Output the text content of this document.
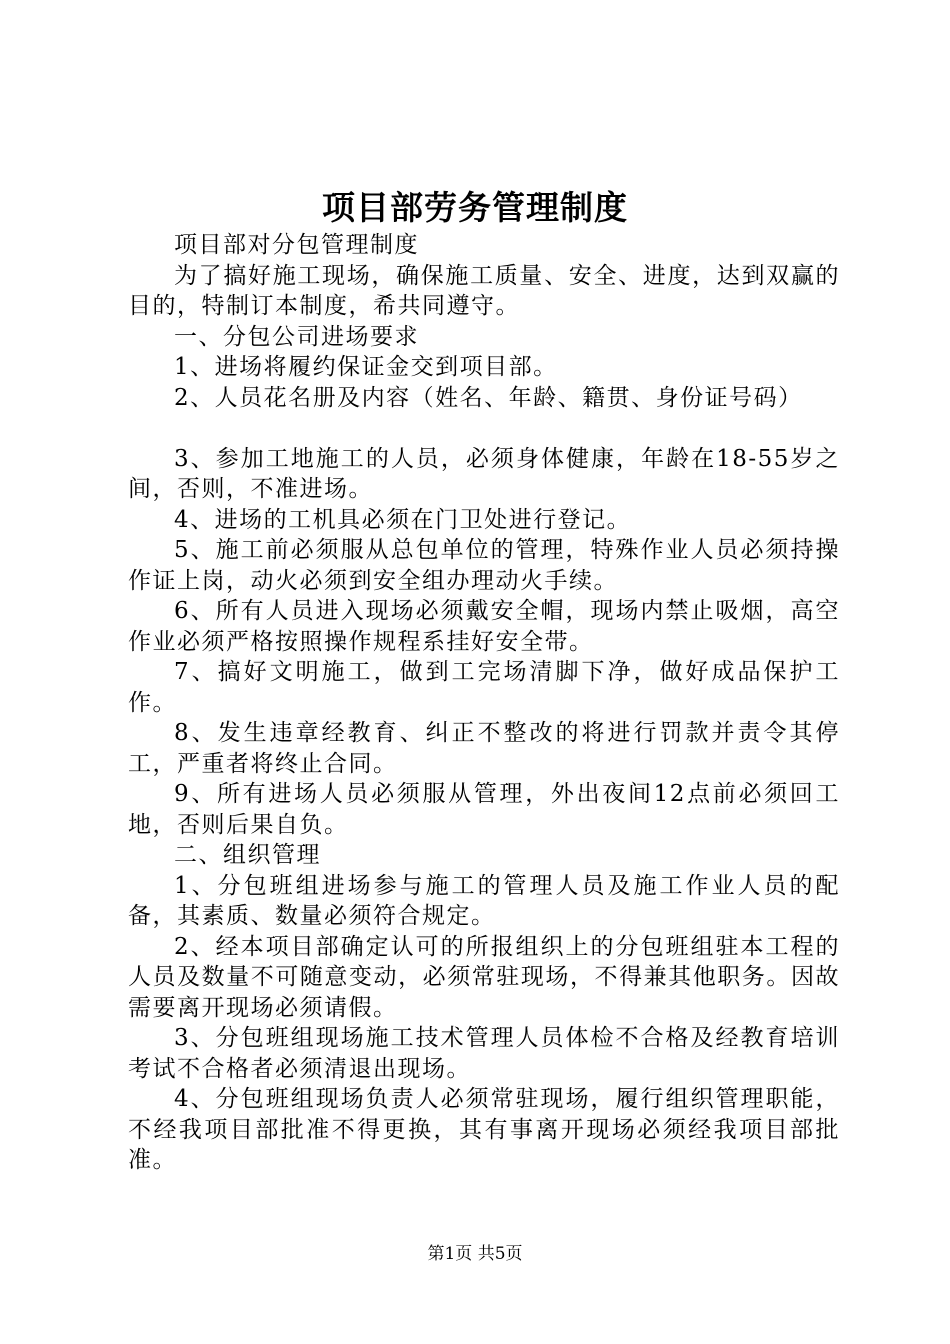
项目部劳务管理制度

项目部对分包管理制度

为了搞好施工现场，确保施工质量、安全、进度，达到双赢的目的，特制订本制度，希共同遵守。

一、分包公司进场要求

1、进场将履约保证金交到项目部。

2、人员花名册及内容（姓名、年龄、籍贯、身份证号码）

3、参加工地施工的人员，必须身体健康，年龄在18-55岁之间，否则，不准进场。

4、进场的工机具必须在门卫处进行登记。

5、施工前必须服从总包单位的管理，特殊作业人员必须持操作证上岗，动火必须到安全组办理动火手续。

6、所有人员进入现场必须戴安全帽，现场内禁止吸烟，高空作业必须严格按照操作规程系挂好安全带。

7、搞好文明施工，做到工完场清脚下净，做好成品保护工作。

8、发生违章经教育、纠正不整改的将进行罚款并责令其停工，严重者将终止合同。

9、所有进场人员必须服从管理，外出夜间12点前必须回工地，否则后果自负。

二、组织管理

1、分包班组进场参与施工的管理人员及施工作业人员的配备，其素质、数量必须符合规定。

2、经本项目部确定认可的所报组织上的分包班组驻本工程的人员及数量不可随意变动，必须常驻现场，不得兼其他职务。因故需要离开现场必须请假。

3、分包班组现场施工技术管理人员体检不合格及经教育培训考试不合格者必须清退出现场。

4、分包班组现场负责人必须常驻现场，履行组织管理职能，不经我项目部批准不得更换，其有事离开现场必须经我项目部批准。

第1页 共5页
